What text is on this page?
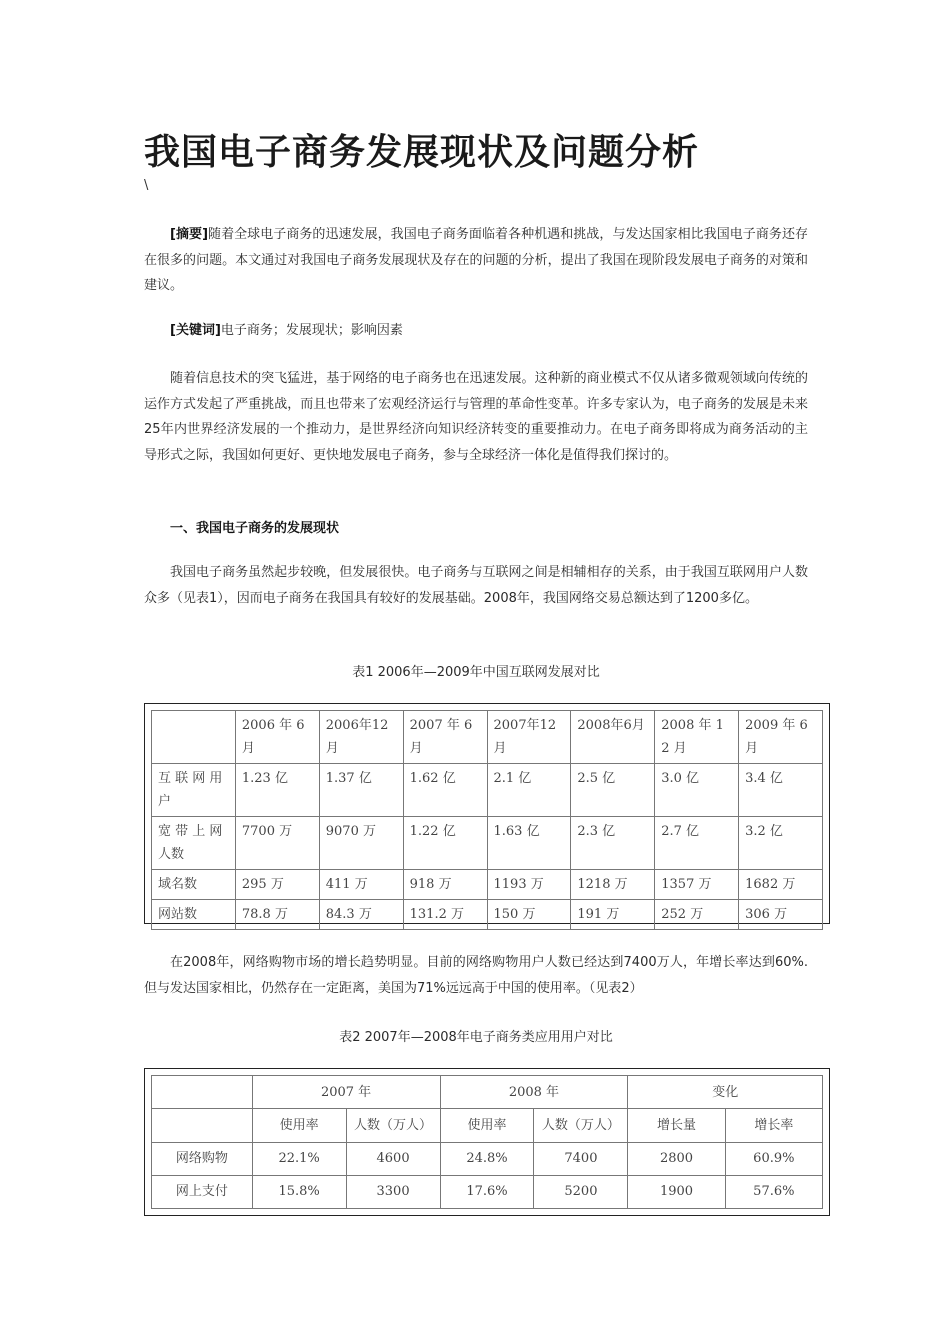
我国电子商务发展现状及问题分析
\

[摘要]随着全球电子商务的迅速发展，我国电子商务面临着各种机遇和挑战，与发达国家相比我国电子商务还存在很多的问题。本文通过对我国电子商务发展现状及存在的问题的分析，提出了我国在现阶段发展电子商务的对策和建议。

[关键词]电子商务；发展现状；影响因素

随着信息技术的突飞猛进，基于网络的电子商务也在迅速发展。这种新的商业模式不仅从诸多微观领域向传统的运作方式发起了严重挑战，而且也带来了宏观经济运行与管理的革命性变革。许多专家认为，电子商务的发展是未来25年内世界经济发展的一个推动力，是世界经济向知识经济转变的重要推动力。在电子商务即将成为商务活动的主导形式之际，我国如何更好、更快地发展电子商务，参与全球经济一体化是值得我们探讨的。

一、我国电子商务的发展现状

我国电子商务虽然起步较晚，但发展很快。电子商务与互联网之间是相辅相存的关系，由于我国互联网用户人数众多（见表1），因而电子商务在我国具有较好的发展基础。2008年，我国网络交易总额达到了1200多亿。

表1 2006年—2009年中国互联网发展对比

	2006 年 6 月	2006年12月	2007 年 6 月	2007年12月	2008年6月	2008 年 12 月	2009 年 6 月
互 联 网 用户	1.23 亿	1.37 亿	1.62 亿	2.1 亿	2.5 亿	3.0 亿	3.4 亿
宽 带 上 网人数	7700 万	9070 万	1.22 亿	1.63 亿	2.3 亿	2.7 亿	3.2 亿
域名数	295 万	411 万	918 万	1193 万	1218 万	1357 万	1682 万
网站数	78.8 万	84.3 万	131.2 万	150 万	191 万	252 万	306 万

在2008年，网络购物市场的增长趋势明显。目前的网络购物用户人数已经达到7400万人，年增长率达到60%.但与发达国家相比，仍然存在一定距离，美国为71%远远高于中国的使用率。（见表2）

表2 2007年—2008年电子商务类应用用户对比

	2007 年		2008 年		变化	
	使用率	人数（万人）	使用率	人数（万人）	增长量	增长率
网络购物	22.1%	4600	24.8%	7400	2800	60.9%
网上支付	15.8%	3300	17.6%	5200	1900	57.6%
